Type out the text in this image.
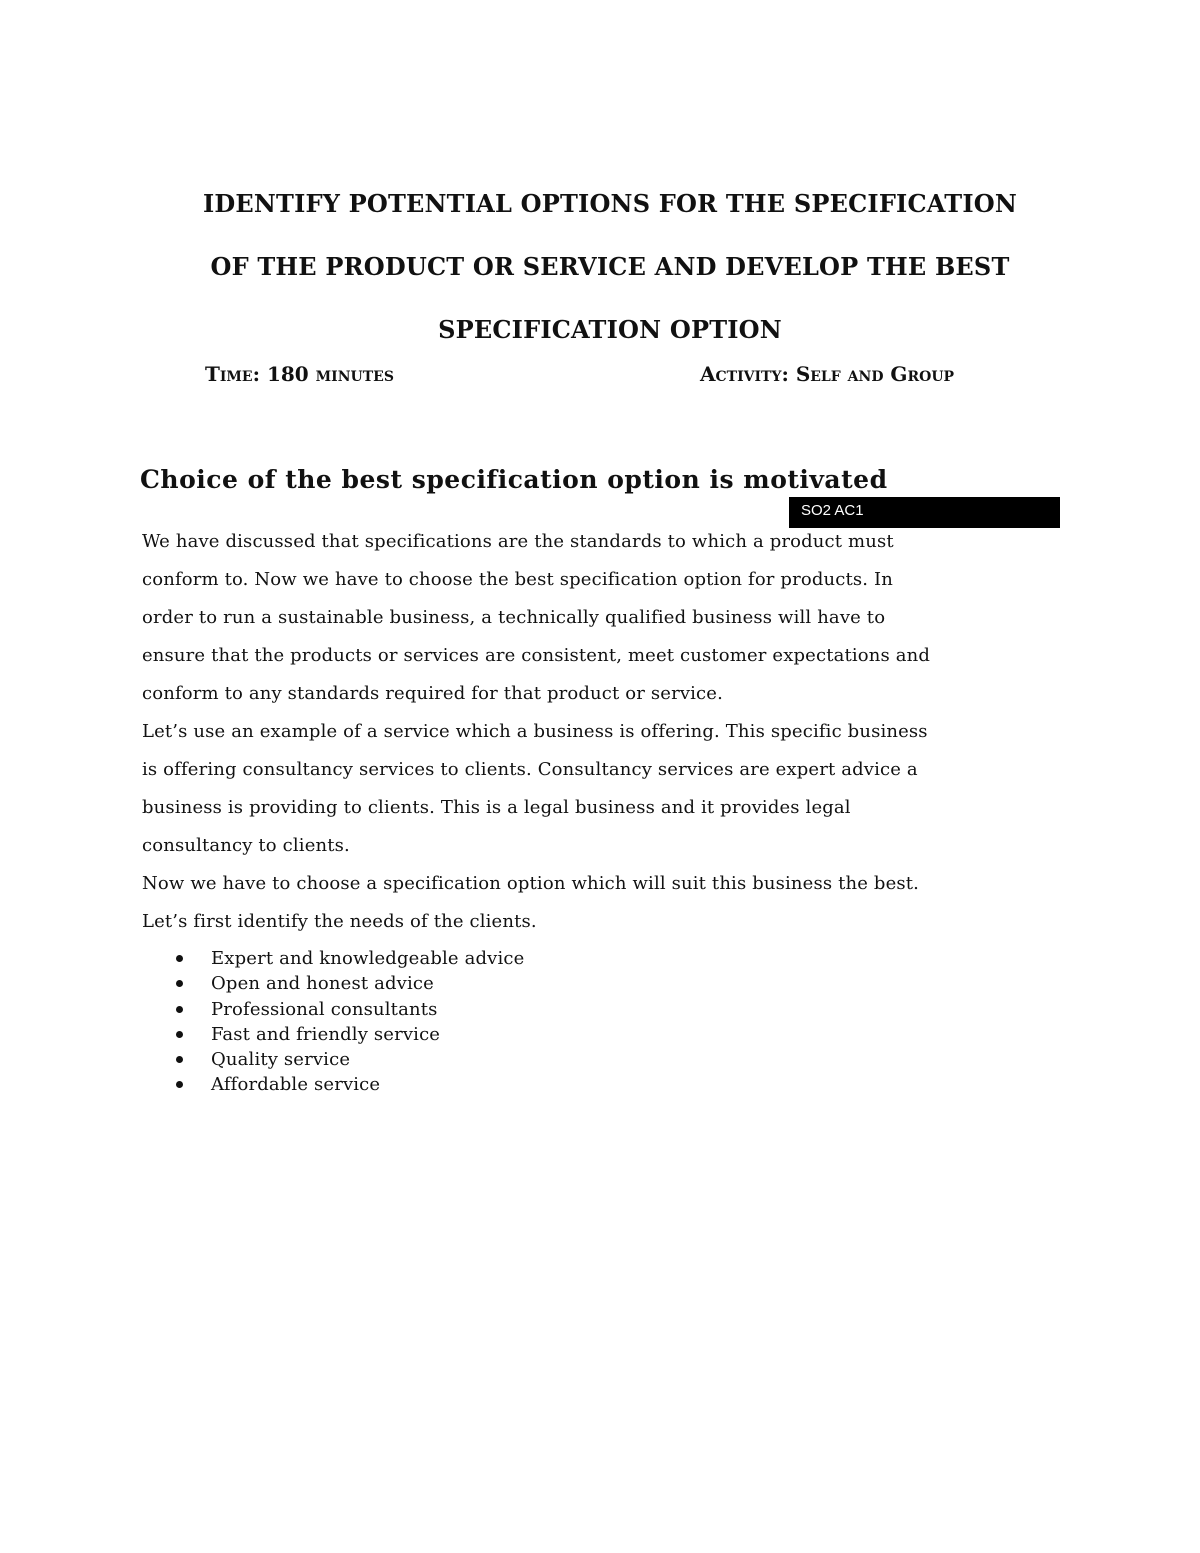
IDENTIFY POTENTIAL OPTIONS FOR THE SPECIFICATION
OF THE PRODUCT OR SERVICE AND DEVELOP THE BEST
SPECIFICATION OPTION

Time: 180 minutes	Activity: Self and Group

Choice of the best specification option is motivated
SO2 AC1

We have discussed that specifications are the standards to which a product must

conform to. Now we have to choose the best specification option for products. In

order to run a sustainable business, a technically qualified business will have to

ensure that the products or services are consistent, meet customer expectations and

conform to any standards required for that product or service.

Let’s use an example of a service which a business is offering. This specific business

is offering consultancy services to clients. Consultancy services are expert advice a

business is providing to clients. This is a legal business and it provides legal

consultancy to clients.

Now we have to choose a specification option which will suit this business the best.

Let’s first identify the needs of the clients.

Expert and knowledgeable advice
Open and honest advice
Professional consultants
Fast and friendly service
Quality service
Affordable service
